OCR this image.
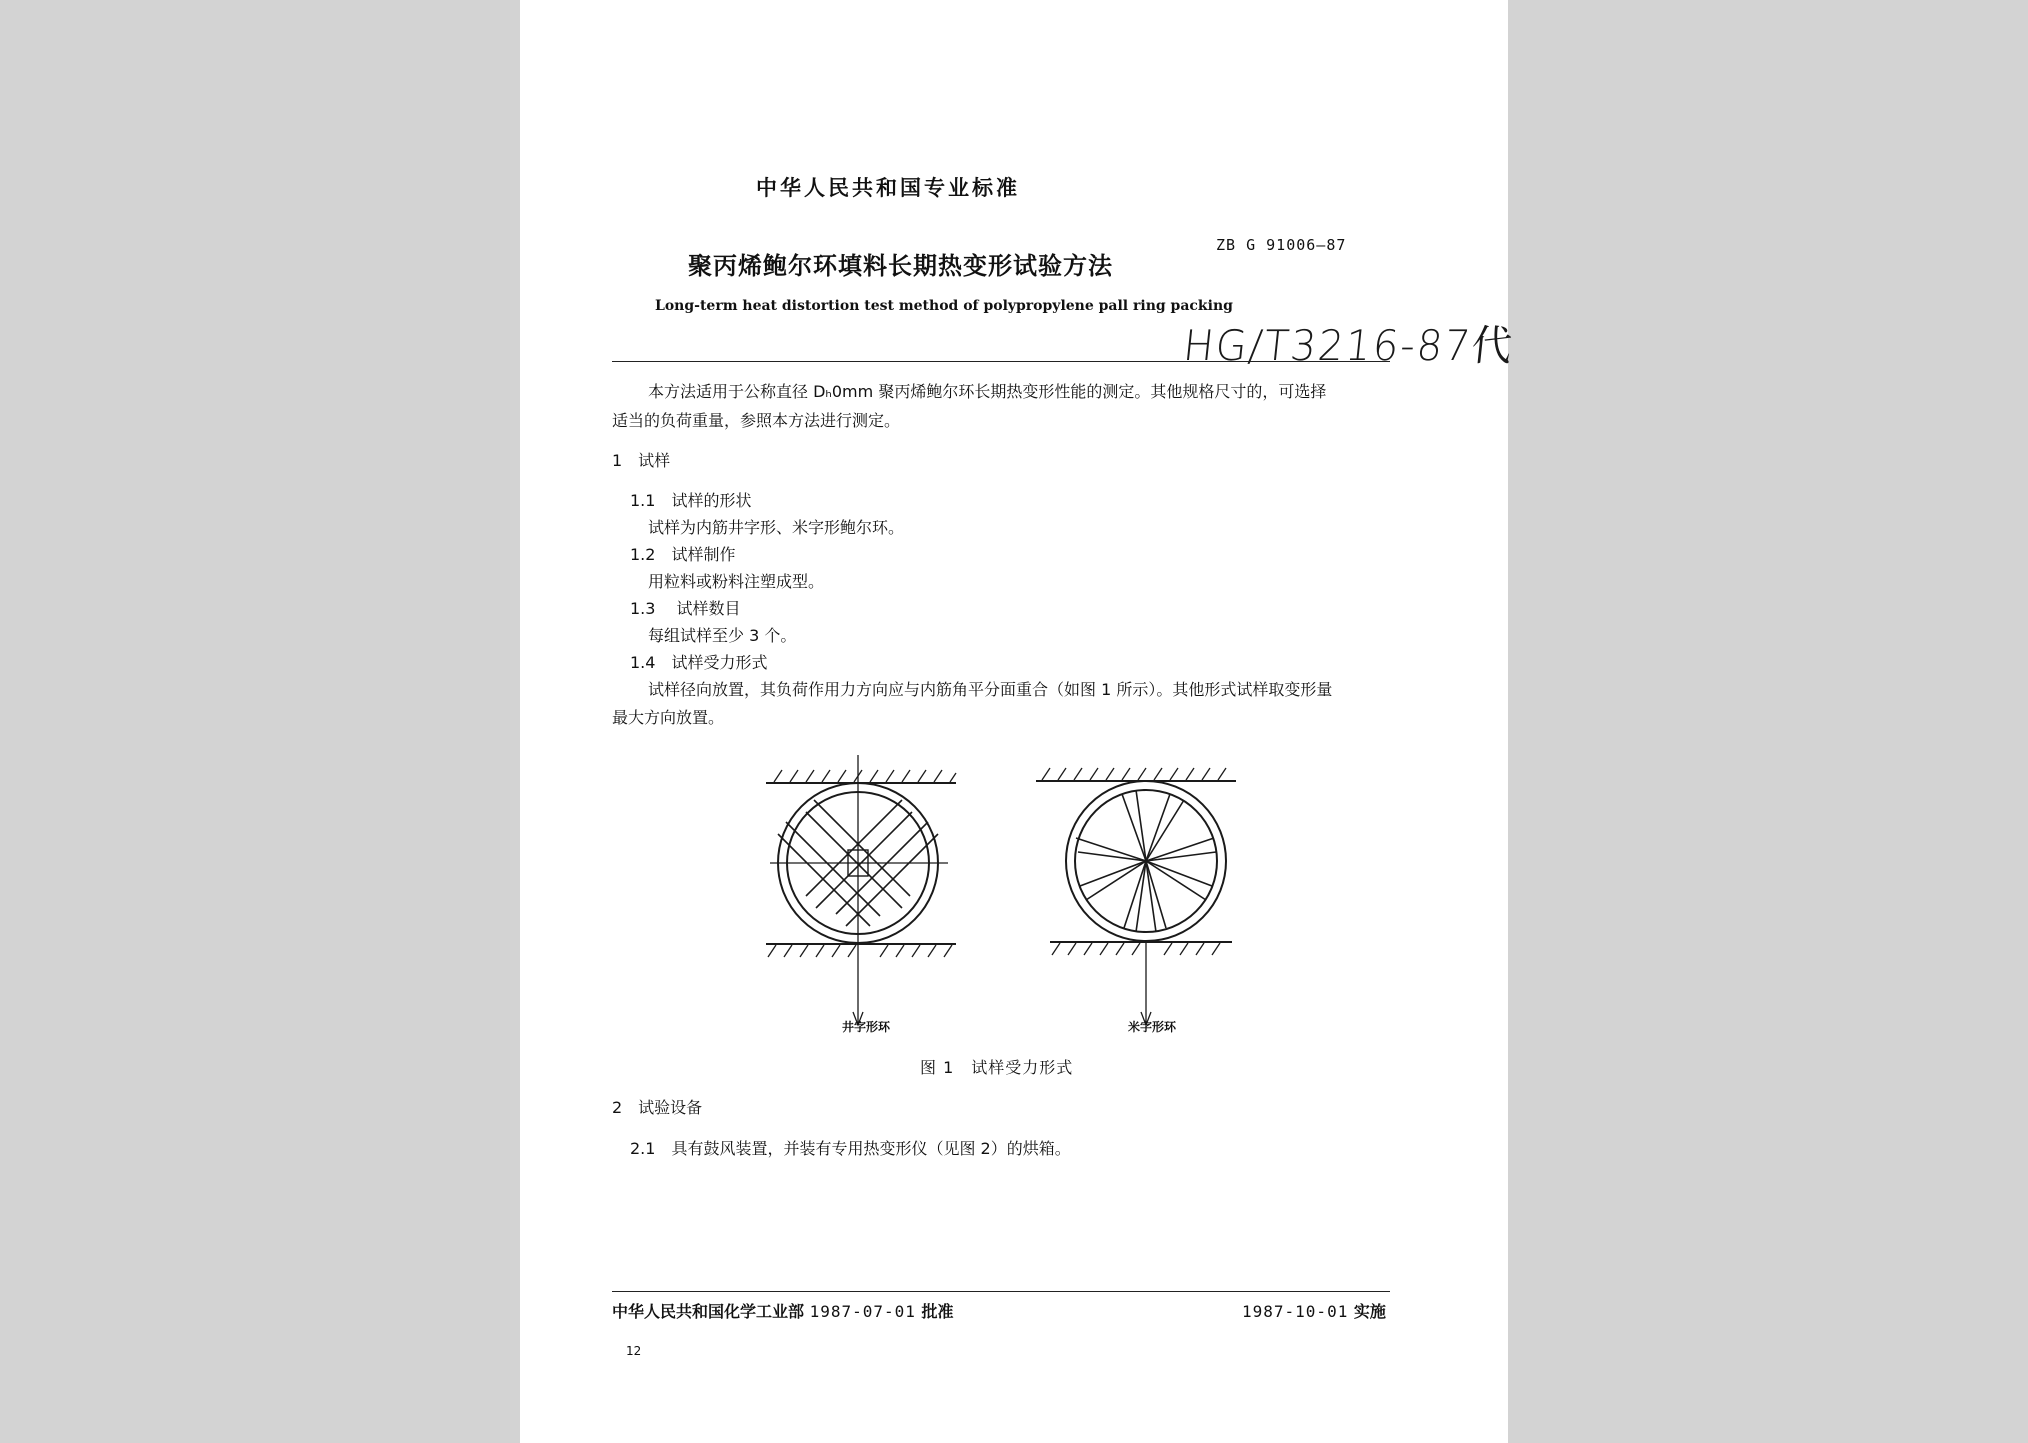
中华人民共和国专业标准
聚丙烯鲍尔环填料长期热变形试验方法
ZB G 91006—87
Long-term heat distortion test method of polypropylene pall ring packing
HG/T3216-87代
本方法适用于公称直径 Dₕ0mm 聚丙烯鲍尔环长期热变形性能的测定。其他规格尺寸的，可选择
适当的负荷重量，参照本方法进行测定。
1　试样
1.1　试样的形状
试样为内筋井字形、米字形鲍尔环。
1.2　试样制作
用粒料或粉料注塑成型。
1.3　 试样数目
每组试样至少 3 个。
1.4　试样受力形式
试样径向放置，其负荷作用力方向应与内筋角平分面重合（如图 1 所示）。其他形式试样取变形量
最大方向放置。
井字形环	米字形环
图 1　试样受力形式
2　试验设备
2.1　具有鼓风装置，并装有专用热变形仪（见图 2）的烘箱。
中华人民共和国化学工业部 1987-07-01 批准	1987-10-01 实施
12
